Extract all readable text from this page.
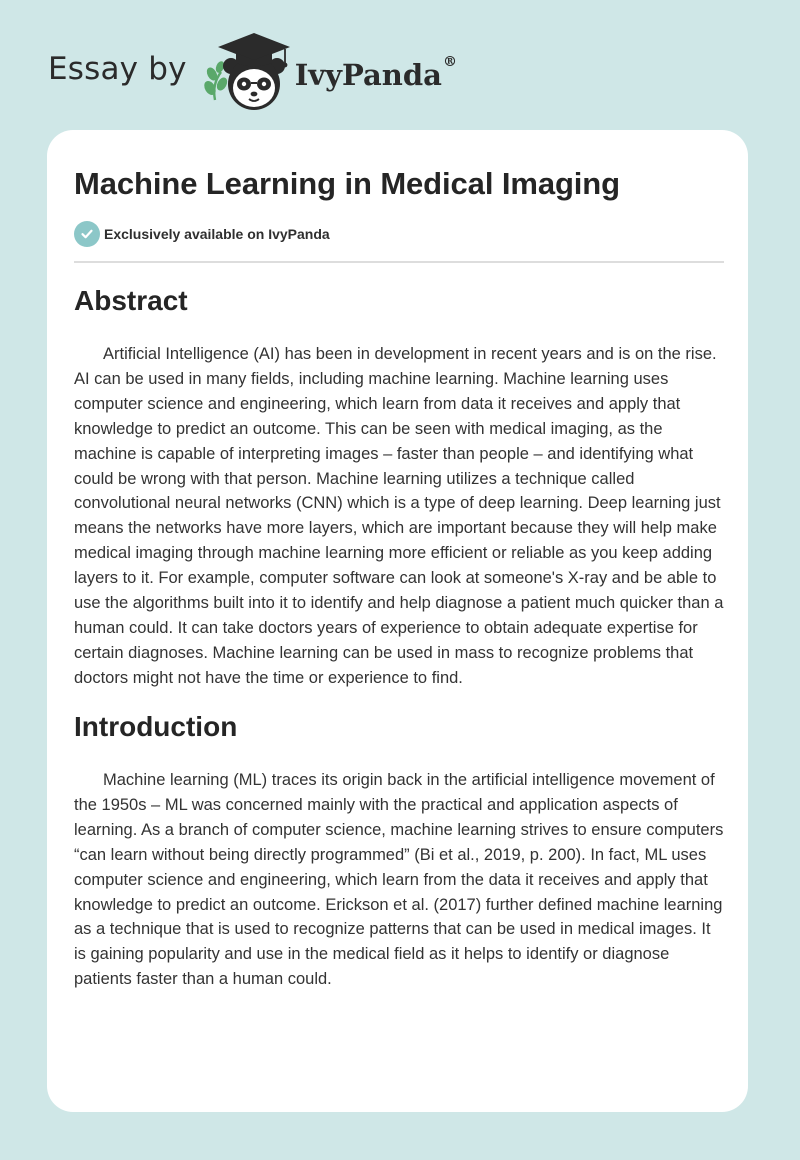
Essay by	IvyPanda®
Machine Learning in Medical Imaging
Exclusively available on IvyPanda
Abstract

Artificial Intelligence (AI) has been in development in recent years and is on the rise. AI can be used in many fields, including machine learning. Machine learning uses computer science and engineering, which learn from data it receives and apply that knowledge to predict an outcome. This can be seen with medical imaging, as the machine is capable of interpreting images – faster than people – and identifying what could be wrong with that person. Machine learning utilizes a technique called convolutional neural networks (CNN) which is a type of deep learning. Deep learning just means the networks have more layers, which are important because they will help make medical imaging through machine learning more efficient or reliable as you keep adding layers to it. For example, computer software can look at someone's X-ray and be able to use the algorithms built into it to identify and help diagnose a patient much quicker than a human could. It can take doctors years of experience to obtain adequate expertise for certain diagnoses. Machine learning can be used in mass to recognize problems that doctors might not have the time or experience to find.

Introduction

Machine learning (ML) traces its origin back in the artificial intelligence movement of the 1950s – ML was concerned mainly with the practical and application aspects of learning. As a branch of computer science, machine learning strives to ensure computers “can learn without being directly programmed” (Bi et al., 2019, p. 200). In fact, ML uses computer science and engineering, which learn from the data it receives and apply that knowledge to predict an outcome. Erickson et al. (2017) further defined machine learning as a technique that is used to recognize patterns that can be used in medical images. It is gaining popularity and use in the medical field as it helps to identify or diagnose patients faster than a human could.
